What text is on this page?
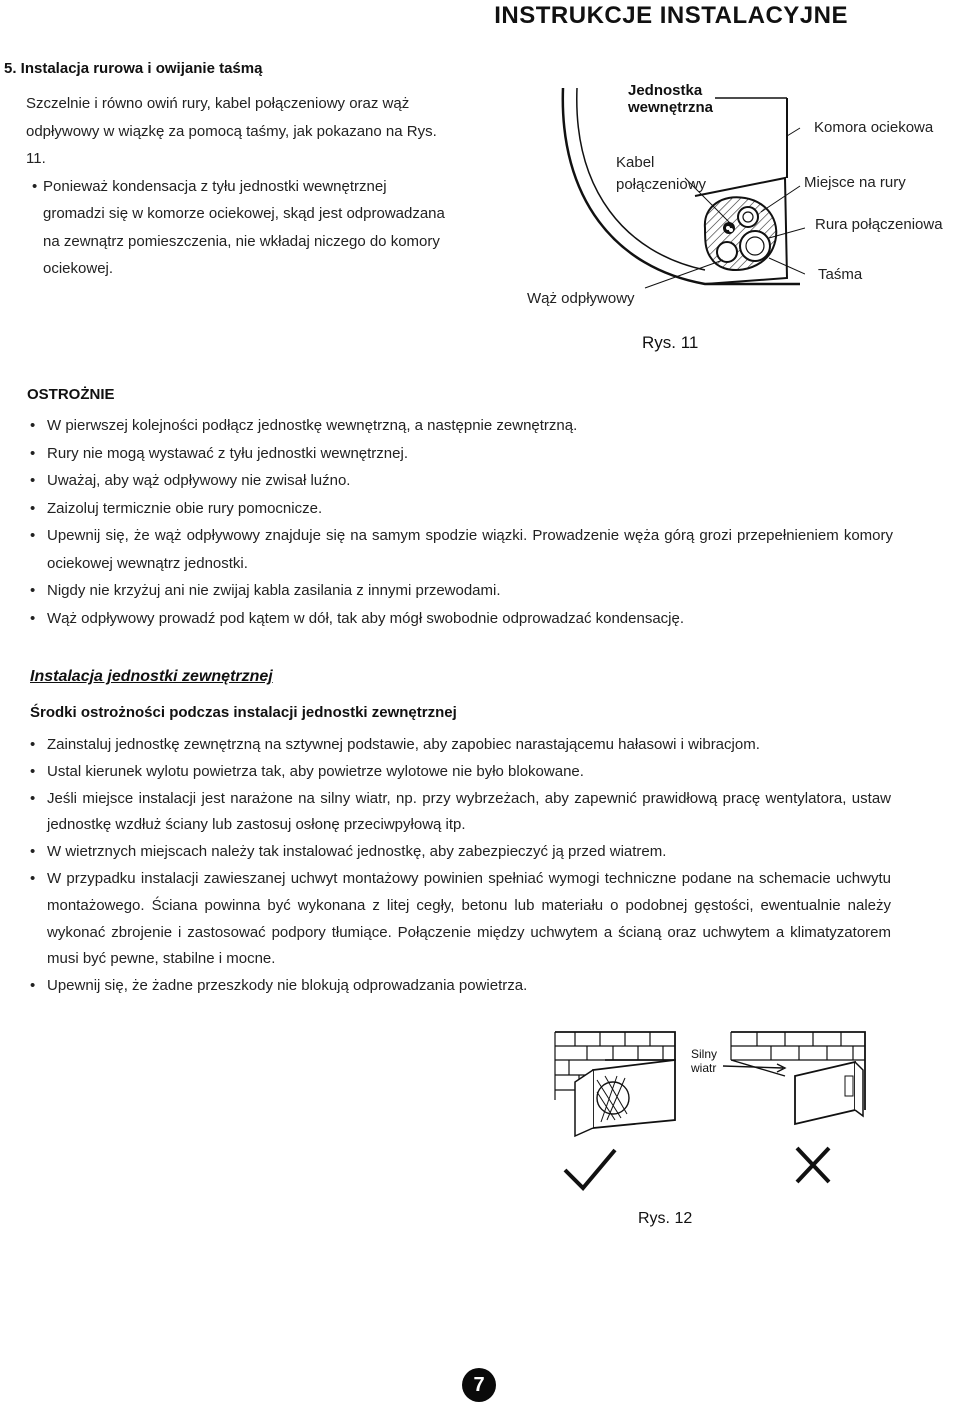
INSTRUKCJE INSTALACYJNE
5. Instalacja rurowa i owijanie taśmą

Szczelnie i równo owiń rury, kabel połączeniowy oraz wąż odpływowy w wiązkę za pomocą taśmy, jak pokazano na Rys. 11.

• Ponieważ kondensacja z tyłu jednostki wewnętrznej gromadzi się w komorze ociekowej, skąd jest odprowadzana na zewnątrz pomieszczenia, nie wkładaj niczego do komory ociekowej.

Jednostka wewnętrzna
Kabel połączeniowy
Wąż odpływowy
Komora ociekowa
Miejsce na rury
Rura połączeniowa
Taśma
Rys. 11
OSTROŻNIE
• W pierwszej kolejności podłącz jednostkę wewnętrzną, a następnie zewnętrzną.
• Rury nie mogą wystawać z tyłu jednostki wewnętrznej.
• Uważaj, aby wąż odpływowy nie zwisał luźno.
• Zaizoluj termicznie obie rury pomocnicze.
• Upewnij się, że wąż odpływowy znajduje się na samym spodzie wiązki. Prowadzenie węża górą grozi przepełnieniem komory ociekowej wewnątrz jednostki.
• Nigdy nie krzyżuj ani nie zwijaj kabla zasilania z innymi przewodami.
• Wąż odpływowy prowadź pod kątem w dół, tak aby mógł swobodnie odprowadzać kondensację.
Instalacja jednostki zewnętrznej
Środki ostrożności podczas instalacji jednostki zewnętrznej
• Zainstaluj jednostkę zewnętrzną na sztywnej podstawie, aby zapobiec narastającemu hałasowi i wibracjom.
• Ustal kierunek wylotu powietrza tak, aby powietrze wylotowe nie było blokowane.
• Jeśli miejsce instalacji jest narażone na silny wiatr, np. przy wybrzeżach, aby zapewnić prawidłową pracę wentylatora, ustaw jednostkę wzdłuż ściany lub zastosuj osłonę przeciwpyłową itp.
• W wietrznych miejscach należy tak instalować jednostkę, aby zabezpieczyć ją przed wiatrem.
• W przypadku instalacji zawieszanej uchwyt montażowy powinien spełniać wymogi techniczne podane na schemacie uchwytu montażowego. Ściana powinna być wykonana z litej cegły, betonu lub materiału o podobnej gęstości, ewentualnie należy wykonać zbrojenie i zastosować podpory tłumiące. Połączenie między uchwytem a ścianą oraz uchwytem a klimatyzatorem musi być pewne, stabilne i mocne.
• Upewnij się, że żadne przeszkody nie blokują odprowadzania powietrza.
Silny
wiatr
Rys. 12
7
